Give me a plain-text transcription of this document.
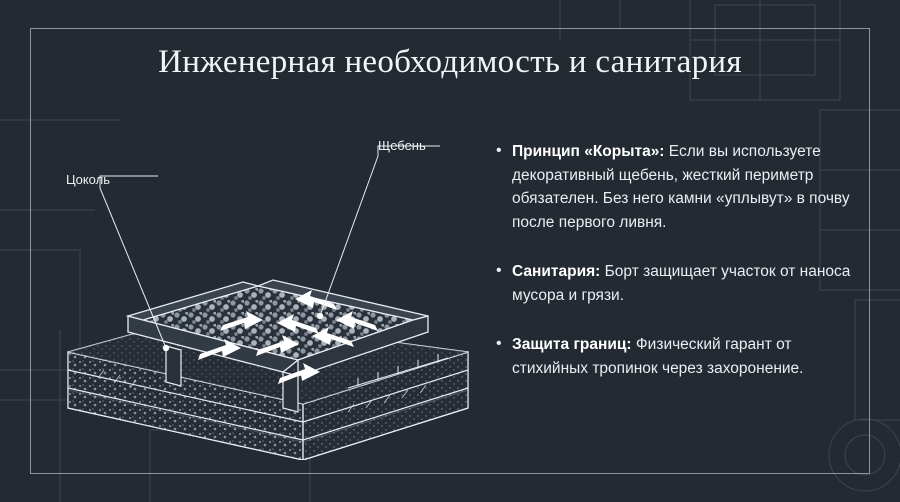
Инженерная необходимость и санитария
Цоколь
Щебень	• Принцип «Корыта»: Если вы используете декоративный щебень, жесткий периметр обязателен. Без него камни «уплывут» в почву после первого ливня.
• Санитария: Борт защищает участок от наноса мусора и грязи.
• Защита границ: Физический гарант от стихийных тропинок через захоронение.
